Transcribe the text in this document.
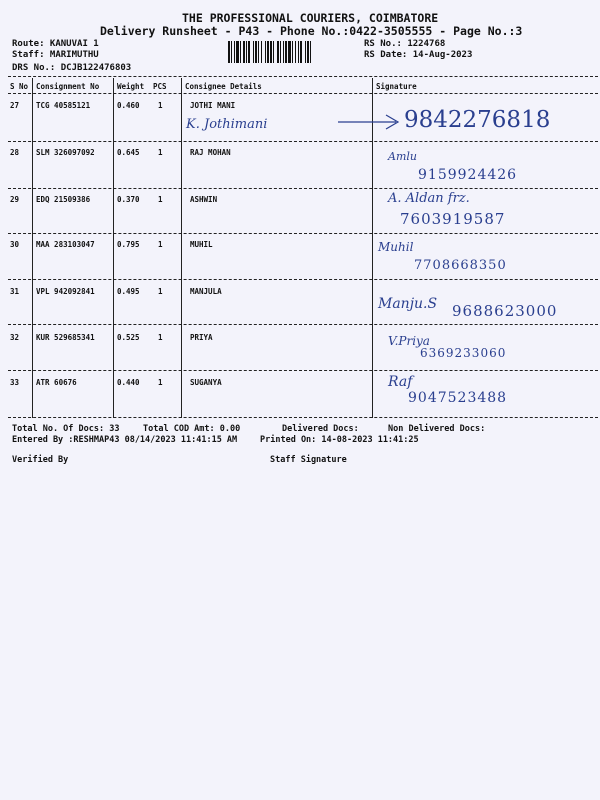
THE PROFESSIONAL COURIERS, COIMBATORE
Delivery Runsheet - P43 - Phone No.:0422-3505555 - Page No.:3
Route: KANUVAI 1
Staff: MARIMUTHU
DRS No.: DCJB122476803
RS No.: 1224768
RS Date: 14-Aug-2023
S No Consignment No Weight PCS Consignee Details	Signature
27 TCG 40585121	0.460 1	JOTHI MANI
K. Jothimani	9842276818
28 SLM 326097092	0.645 1	RAJ MOHAN	Amlu
9159924426
29 EDQ 21509386	0.370 1	ASHWIN	A. Aldan frz.
7603919587
30 MAA 283103047	0.795 1	MUHIL	Muhil
7708668350
31 VPL 942092841	0.495 1	MANJULA
Manju.S 9688623000
32 KUR 529685341	0.525 1	PRIYA	V.Priya
6369233060
33 ATR 60676	0.440 1	SUGANYA	Raf
9047523488
Total No. Of Docs: 33	Total COD Amt: 0.00	Delivered Docs:	Non Delivered Docs:
Entered By :RESHMAP43 08/14/2023 11:41:15 AM	Printed On: 14-08-2023 11:41:25
Verified By	Staff Signature
